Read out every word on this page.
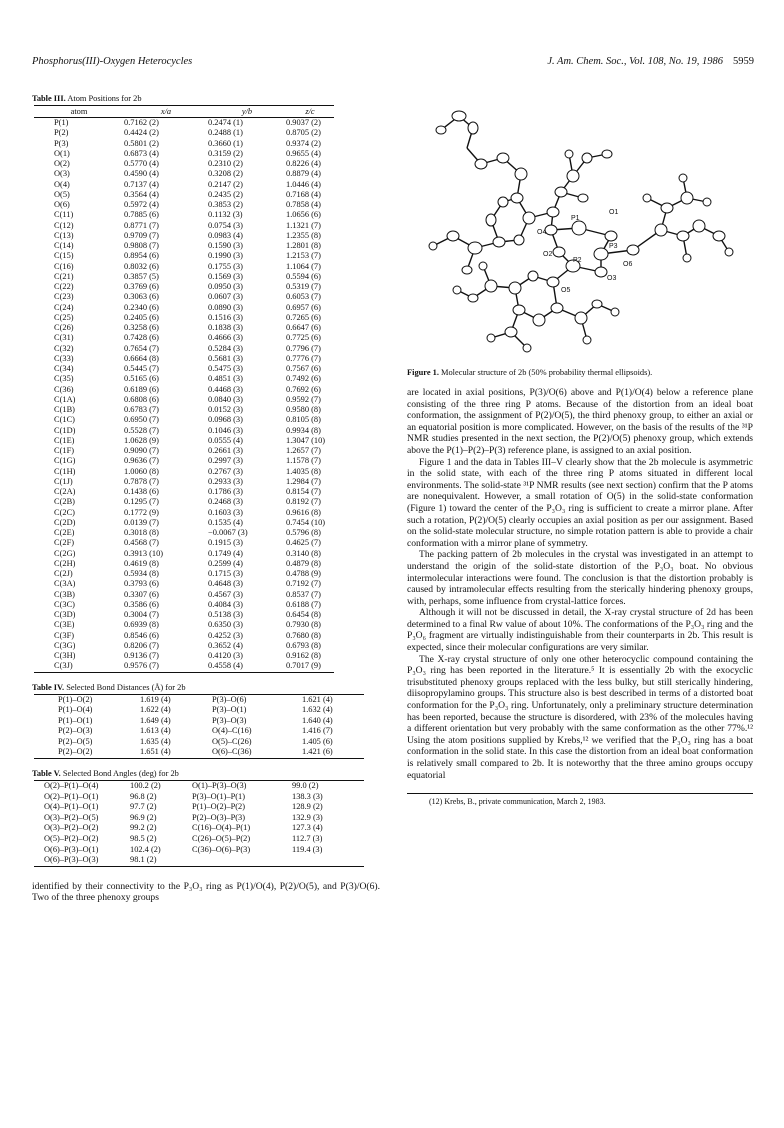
Phosphorus(III)-Oxygen Heterocycles	J. Am. Chem. Soc., Vol. 108, No. 19, 1986 5959
Table III. Atom Positions for 2b
atom	x/a	y/b	z/c
P(1)	0.7162 (2)	0.2474 (1)	0.9037 (2)
P(2)	0.4424 (2)	0.2488 (1)	0.8705 (2)
P(3)	0.5801 (2)	0.3660 (1)	0.9374 (2)
O(1)	0.6873 (4)	0.3159 (2)	0.9655 (4)
O(2)	0.5770 (4)	0.2310 (2)	0.8226 (4)
O(3)	0.4590 (4)	0.3208 (2)	0.8879 (4)
O(4)	0.7137 (4)	0.2147 (2)	1.0446 (4)
O(5)	0.3564 (4)	0.2435 (2)	0.7168 (4)
O(6)	0.5972 (4)	0.3853 (2)	0.7858 (4)
C(11)	0.7885 (6)	0.1132 (3)	1.0656 (6)
C(12)	0.8771 (7)	0.0754 (3)	1.1321 (7)
C(13)	0.9709 (7)	0.0983 (4)	1.2355 (8)
C(14)	0.9808 (7)	0.1590 (3)	1.2801 (8)
C(15)	0.8954 (6)	0.1990 (3)	1.2153 (7)
C(16)	0.8032 (6)	0.1755 (3)	1.1064 (7)
C(21)	0.3857 (5)	0.1569 (3)	0.5594 (6)
C(22)	0.3769 (6)	0.0950 (3)	0.5319 (7)
C(23)	0.3063 (6)	0.0607 (3)	0.6053 (7)
C(24)	0.2340 (6)	0.0890 (3)	0.6957 (6)
C(25)	0.2405 (6)	0.1516 (3)	0.7265 (6)
C(26)	0.3258 (6)	0.1838 (3)	0.6647 (6)
C(31)	0.7428 (6)	0.4666 (3)	0.7725 (6)
C(32)	0.7654 (7)	0.5284 (3)	0.7796 (7)
C(33)	0.6664 (8)	0.5681 (3)	0.7776 (7)
C(34)	0.5445 (7)	0.5475 (3)	0.7567 (6)
C(35)	0.5165 (6)	0.4851 (3)	0.7492 (6)
C(36)	0.6189 (6)	0.4468 (3)	0.7692 (6)
C(1A)	0.6808 (6)	0.0840 (3)	0.9592 (7)
C(1B)	0.6783 (7)	0.0152 (3)	0.9580 (8)
C(1C)	0.6950 (7)	0.0968 (3)	0.8105 (8)
C(1D)	0.5528 (7)	0.1046 (3)	0.9934 (8)
C(1E)	1.0628 (9)	0.0555 (4)	1.3047 (10)
C(1F)	0.9090 (7)	0.2661 (3)	1.2657 (7)
C(1G)	0.9636 (7)	0.2997 (3)	1.1578 (7)
C(1H)	1.0060 (8)	0.2767 (3)	1.4035 (8)
C(1J)	0.7878 (7)	0.2933 (3)	1.2984 (7)
C(2A)	0.1438 (6)	0.1786 (3)	0.8154 (7)
C(2B)	0.1295 (7)	0.2468 (3)	0.8192 (7)
C(2C)	0.1772 (9)	0.1603 (3)	0.9616 (8)
C(2D)	0.0139 (7)	0.1535 (4)	0.7454 (10)
C(2E)	0.3018 (8)	−0.0067 (3)	0.5796 (8)
C(2F)	0.4568 (7)	0.1915 (3)	0.4625 (7)
C(2G)	0.3913 (10)	0.1749 (4)	0.3140 (8)
C(2H)	0.4619 (8)	0.2599 (4)	0.4879 (8)
C(2J)	0.5934 (8)	0.1715 (3)	0.4788 (9)
C(3A)	0.3793 (6)	0.4648 (3)	0.7192 (7)
C(3B)	0.3307 (6)	0.4567 (3)	0.8537 (7)
C(3C)	0.3586 (6)	0.4084 (3)	0.6188 (7)
C(3D)	0.3004 (7)	0.5138 (3)	0.6454 (8)
C(3E)	0.6939 (8)	0.6350 (3)	0.7930 (8)
C(3F)	0.8546 (6)	0.4252 (3)	0.7680 (8)
C(3G)	0.8206 (7)	0.3652 (4)	0.6793 (8)
C(3H)	0.9136 (7)	0.4120 (3)	0.9162 (8)
C(3J)	0.9576 (7)	0.4558 (4)	0.7017 (9)
Table IV. Selected Bond Distances (Å) for 2b
P(1)–O(2)	1.619 (4)	P(3)–O(6)	1.621 (4)
P(1)–O(4)	1.622 (4)	P(3)–O(1)	1.632 (4)
P(1)–O(1)	1.649 (4)	P(3)–O(3)	1.640 (4)
P(2)–O(3)	1.613 (4)	O(4)–C(16)	1.416 (7)
P(2)–O(5)	1.635 (4)	O(5)–C(26)	1.405 (6)
P(2)–O(2)	1.651 (4)	O(6)–C(36)	1.421 (6)
Table V. Selected Bond Angles (deg) for 2b
O(2)–P(1)–O(4)	100.2 (2)	O(1)–P(3)–O(3)	99.0 (2)
O(2)–P(1)–O(1)	96.8 (2)	P(3)–O(1)–P(1)	138.3 (3)
O(4)–P(1)–O(1)	97.7 (2)	P(1)–O(2)–P(2)	128.9 (2)
O(3)–P(2)–O(5)	96.9 (2)	P(2)–O(3)–P(3)	132.9 (3)
O(3)–P(2)–O(2)	99.2 (2)	C(16)–O(4)–P(1)	127.3 (4)
O(5)–P(2)–O(2)	98.5 (2)	C(26)–O(5)–P(2)	112.7 (3)
O(6)–P(3)–O(1)	102.4 (2)	C(36)–O(6)–P(3)	119.4 (3)
O(6)–P(3)–O(3)	98.1 (2)		

identified by their connectivity to the P₃O₃ ring as P(1)/O(4), P(2)/O(5), and P(3)/O(6). Two of the three phenoxy groups

P1
O1
O4
P3
O2
P2
O6
O3
O5
Figure 1. Molecular structure of 2b (50% probability thermal ellipsoids).

are located in axial positions, P(3)/O(6) above and P(1)/O(4) below a reference plane consisting of the three ring P atoms. Because of the distortion from an ideal boat conformation, the assignment of P(2)/O(5), the third phenoxy group, to either an axial or an equatorial position is more complicated. However, on the basis of the results of the ³¹P NMR studies presented in the next section, the P(2)/O(5) phenoxy group, which extends above the P(1)–P(2)–P(3) reference plane, is assigned to an axial position.

Figure 1 and the data in Tables III–V clearly show that the 2b molecule is asymmetric in the solid state, with each of the three ring P atoms situated in different local environments. The solid-state ³¹P NMR results (see next section) confirm that the P atoms are nonequivalent. However, a small rotation of O(5) in the solid-state conformation (Figure 1) toward the center of the P₃O₃ ring is sufficient to create a mirror plane. After such a rotation, P(2)/O(5) clearly occupies an axial position as per our assignment. Based on the solid-state molecular structure, no simple rotation pattern is able to provide a chair conformation with a mirror plane of symmetry.

The packing pattern of 2b molecules in the crystal was investigated in an attempt to understand the origin of the solid-state distortion of the P₃O₃ boat. No obvious intermolecular interactions were found. The conclusion is that the distortion probably is caused by intramolecular effects resulting from the sterically hindering phenoxy groups, with, perhaps, some influence from crystal-lattice forces.

Although it will not be discussed in detail, the X-ray crystal structure of 2d has been determined to a final Rw value of about 10%. The conformations of the P₃O₃ ring and the P₃O₆ fragment are virtually indistinguishable from their counterparts in 2b. This result is expected, since their molecular configurations are very similar.

The X-ray crystal structure of only one other heterocyclic compound containing the P₃O₃ ring has been reported in the literature.⁵ It is essentially 2b with the exocyclic trisubstituted phenoxy groups replaced with the less bulky, but still sterically hindering, diisopropylamino groups. This structure also is best described in terms of a distorted boat conformation for the P₃O₃ ring. Unfortunately, only a preliminary structure determination has been reported, because the structure is disordered, with 23% of the molecules having a different orientation but very probably with the same conformation as the other 77%.¹² Using the atom positions supplied by Krebs,¹² we verified that the P₃O₃ ring has a boat conformation in the solid state. In this case the distortion from an ideal boat conformation is relatively small compared to 2b. It is noteworthy that the three amino groups occupy equatorial

(12) Krebs, B., private communication, March 2, 1983.
